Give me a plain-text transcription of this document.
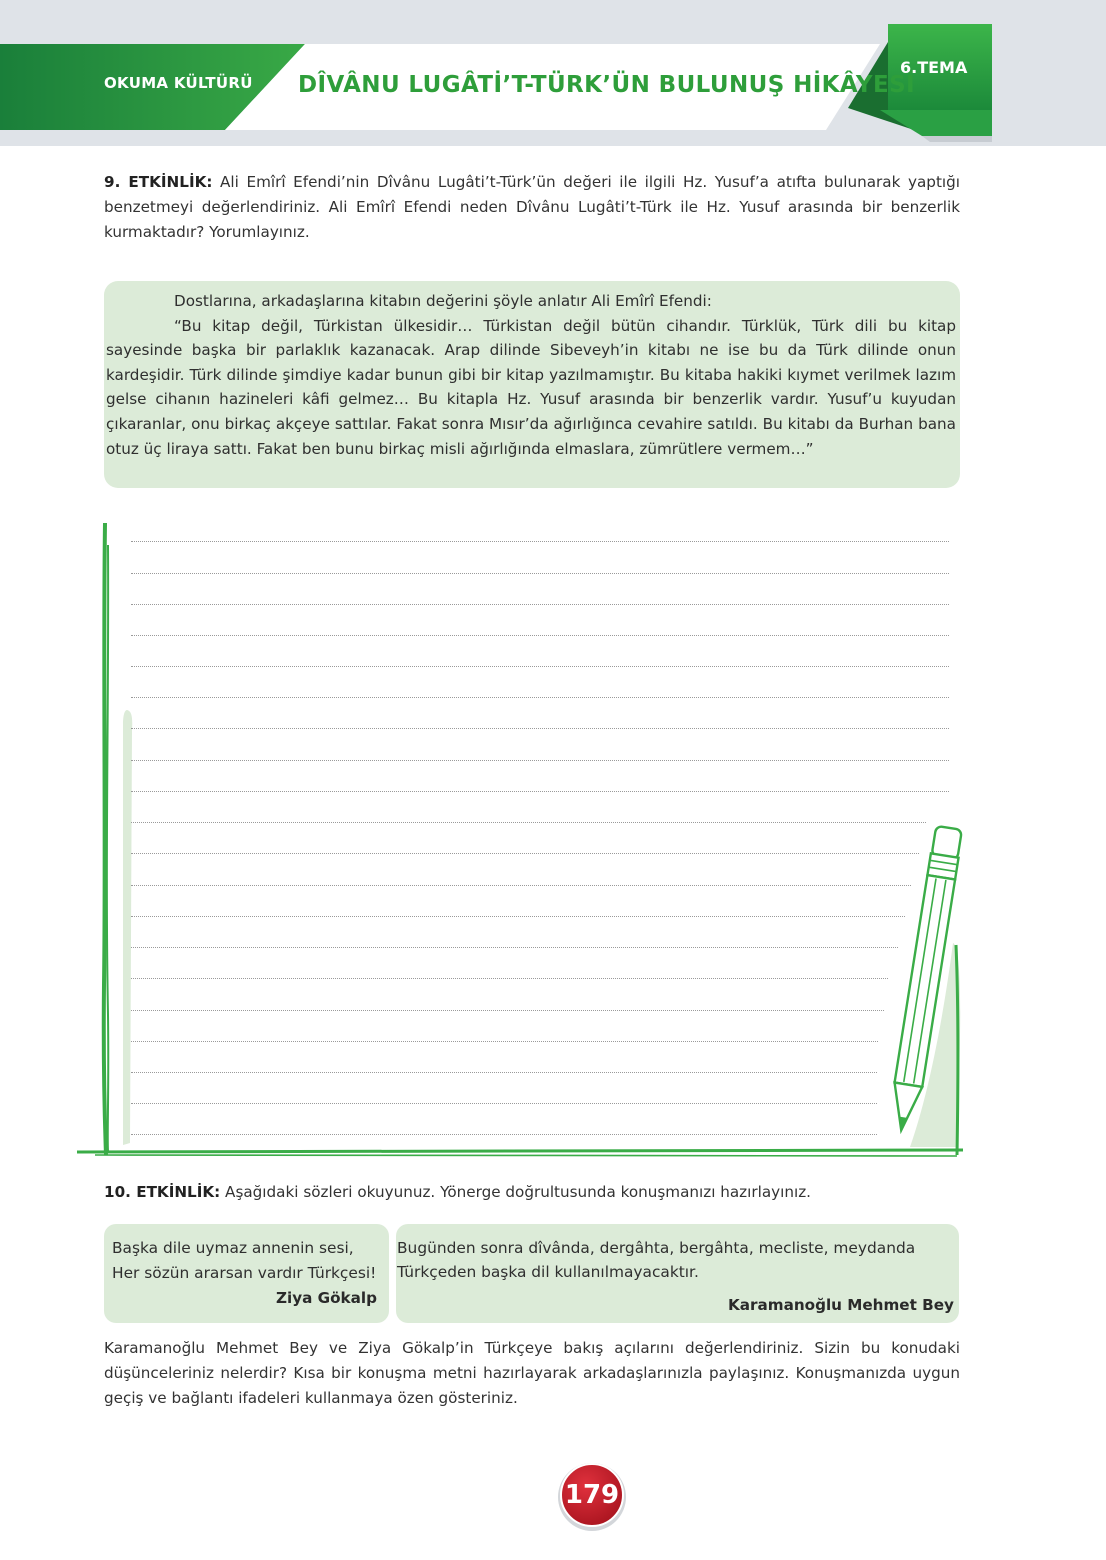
OKUMA KÜLTÜRÜ DÎVÂNU LUGÂTİ’T-TÜRK’ÜN BULUNUŞ HİKÂYESİ
6.TEMA
9. ETKİNLİK: Ali Emîrî Efendi’nin Dîvânu Lugâti’t-Türk’ün değeri ile ilgili Hz. Yusuf’a atıfta bulunarak yaptığı benzetmeyi değerlendiriniz. Ali Emîrî Efendi neden Dîvânu Lugâti’t-Türk ile Hz. Yusuf arasında bir benzerlik kurmaktadır? Yorumlayınız.

Dostlarına, arkadaşlarına kitabın değerini şöyle anlatır Ali Emîrî Efendi:

“Bu kitap değil, Türkistan ülkesidir… Türkistan değil bütün cihandır. Türklük, Türk dili bu kitap sayesinde başka bir parlaklık kazanacak. Arap dilinde Sibeveyh’in kitabı ne ise bu da Türk dilinde onun kardeşidir. Türk dilinde şimdiye kadar bunun gibi bir kitap yazılmamıştır. Bu kitaba hakiki kıymet verilmek lazım gelse cihanın hazineleri kâfi gelmez… Bu kitapla Hz. Yusuf arasında bir benzerlik vardır. Yusuf’u kuyudan çıkaranlar, onu birkaç akçeye sattılar. Fakat sonra Mısır’da ağırlığınca cevahire satıldı. Bu kitabı da Burhan bana otuz üç liraya sattı. Fakat ben bunu birkaç misli ağırlığında elmaslara, zümrütlere vermem…”

10. ETKİNLİK: Aşağıdaki sözleri okuyunuz. Yönerge doğrultusunda konuşmanızı hazırlayınız.
Başka dile uymaz annenin sesi,
Her sözün ararsan vardır Türkçesi!
Ziya Gökalp
Bugünden sonra dîvânda, dergâhta, bergâhta, mecliste, meydanda Türkçeden başka dil kullanılmayacaktır.
Karamanoğlu Mehmet Bey
Karamanoğlu Mehmet Bey ve Ziya Gökalp’in Türkçeye bakış açılarını değerlendiriniz. Sizin bu konudaki düşünceleriniz nelerdir? Kısa bir konuşma metni hazırlayarak arkadaşlarınızla paylaşınız. Konuşmanızda uygun geçiş ve bağlantı ifadeleri kullanmaya özen gösteriniz.
179
